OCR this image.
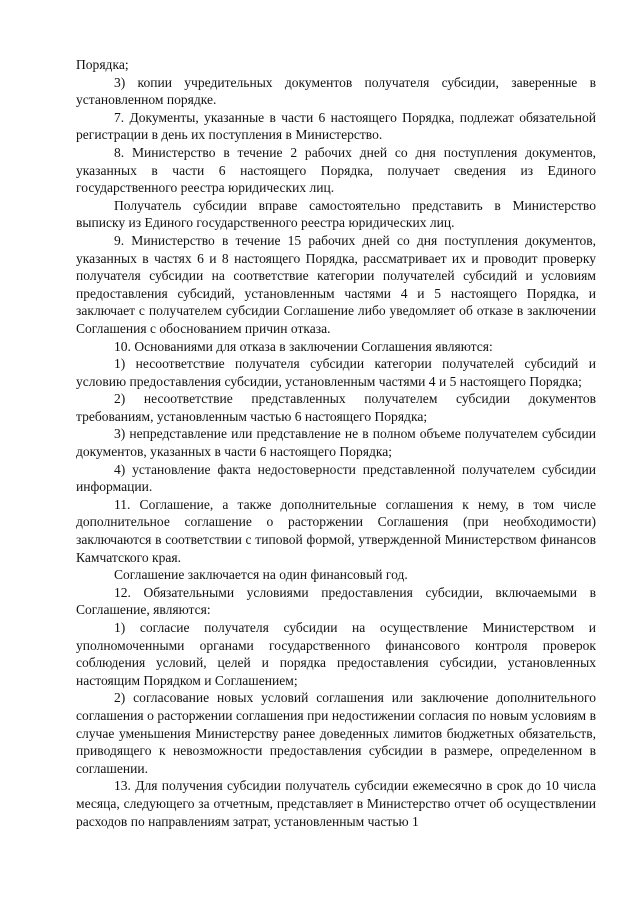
Порядка;

3) копии учредительных документов получателя субсидии, заверенные в установленном порядке.

7. Документы, указанные в части 6 настоящего Порядка, подлежат обязательной регистрации в день их поступления в Министерство.

8. Министерство в течение 2 рабочих дней со дня поступления документов, указанных в части 6 настоящего Порядка, получает сведения из Единого государственного реестра юридических лиц.

Получатель субсидии вправе самостоятельно представить в Министерство выписку из Единого государственного реестра юридических лиц.

9. Министерство в течение 15 рабочих дней со дня поступления документов, указанных в частях 6 и 8 настоящего Порядка, рассматривает их и проводит проверку получателя субсидии на соответствие категории получателей субсидий и условиям предоставления субсидий, установленным частями 4 и 5 настоящего Порядка, и заключает с получателем субсидии Соглашение либо уведомляет об отказе в заключении Соглашения с обоснованием причин отказа.

10. Основаниями для отказа в заключении Соглашения являются:

1) несоответствие получателя субсидии категории получателей субсидий и условию предоставления субсидии, установленным частями 4 и 5 настоящего Порядка;

2) несоответствие представленных получателем субсидии документов требованиям, установленным частью 6 настоящего Порядка;

3) непредставление или представление не в полном объеме получателем субсидии документов, указанных в части 6 настоящего Порядка;

4) установление факта недостоверности представленной получателем субсидии информации.

11. Соглашение, а также дополнительные соглашения к нему, в том числе дополнительное соглашение о расторжении Соглашения (при необходимости) заключаются в соответствии с типовой формой, утвержденной Министерством финансов Камчатского края.

Соглашение заключается на один финансовый год.

12. Обязательными условиями предоставления субсидии, включаемыми в Соглашение, являются:

1) согласие получателя субсидии на осуществление Министерством и уполномоченными органами государственного финансового контроля проверок соблюдения условий, целей и порядка предоставления субсидии, установленных настоящим Порядком и Соглашением;

2) согласование новых условий соглашения или заключение дополнительного соглашения о расторжении соглашения при недостижении согласия по новым условиям в случае уменьшения Министерству ранее доведенных лимитов бюджетных обязательств, приводящего к невозможности предоставления субсидии в размере, определенном в соглашении.

13. Для получения субсидии получатель субсидии ежемесячно в срок до 10 числа месяца, следующего за отчетным, представляет в Министерство отчет об осуществлении расходов по направлениям затрат, установленным частью 1
